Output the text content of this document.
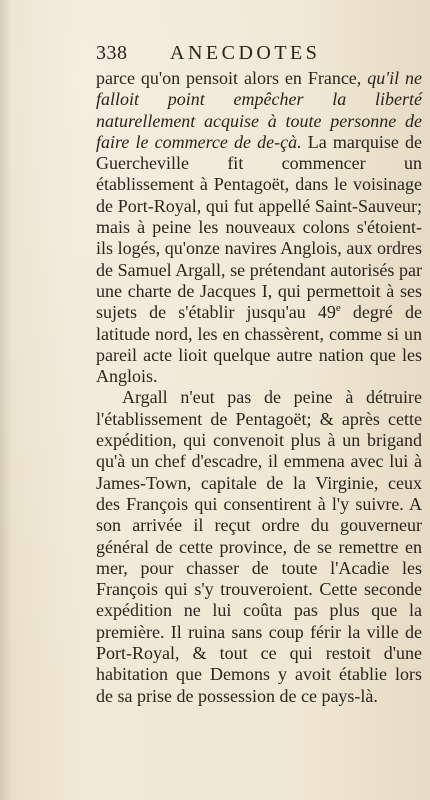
338 ANECDOTES

parce qu'on pensoit alors en France, qu'il ne falloit point empêcher la liberté naturellement acquise à toute personne de faire le commerce de de-çà. La marquise de Guercheville fit commencer un établissement à Pentagoët, dans le voisinage de Port-Royal, qui fut appellé Saint-Sauveur; mais à peine les nouveaux colons s'étoient-ils logés, qu'onze navires Anglois, aux ordres de Samuel Argall, se prétendant autorisés par une charte de Jacques I, qui permettoit à ses sujets de s'établir jusqu'au 49e degré de latitude nord, les en chassèrent, comme si un pareil acte lioit quelque autre nation que les Anglois.

Argall n'eut pas de peine à détruire l'établissement de Pentagoët; & après cette expédition, qui convenoit plus à un brigand qu'à un chef d'escadre, il emmena avec lui à James-Town, capitale de la Virginie, ceux des François qui consentirent à l'y suivre. A son arrivée il reçut ordre du gouverneur général de cette province, de se remettre en mer, pour chasser de toute l'Acadie les François qui s'y trouveroient. Cette seconde expédition ne lui coûta pas plus que la première. Il ruina sans coup férir la ville de Port-Royal, & tout ce qui restoit d'une habitation que Demons y avoit établie lors de sa prise de possession de ce pays-là.
